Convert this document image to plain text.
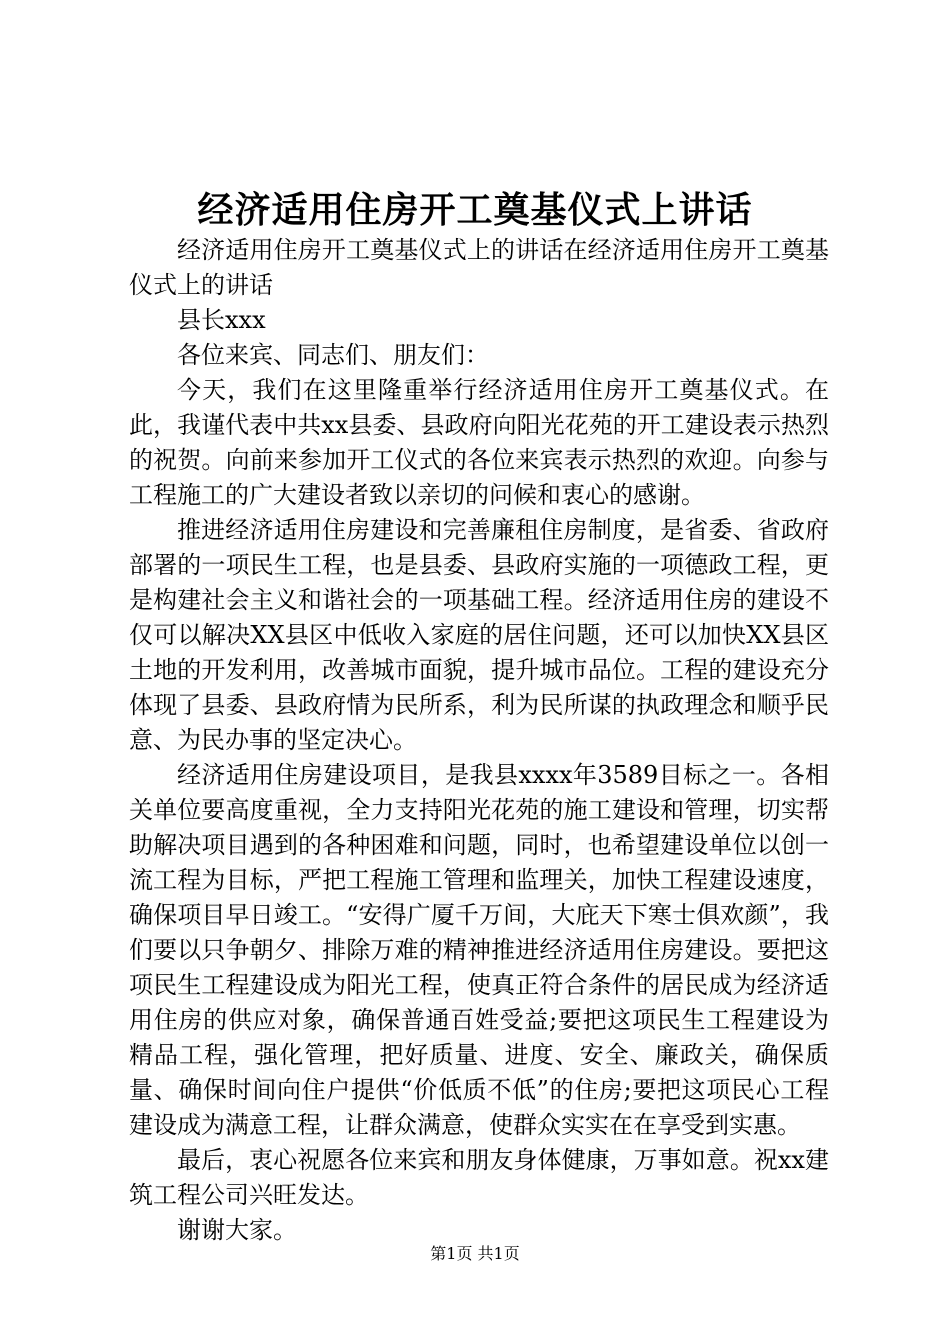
经济适用住房开工奠基仪式上讲话

经济适用住房开工奠基仪式上的讲话在经济适用住房开工奠基仪式上的讲话

县长xxx

各位来宾、同志们、朋友们：

今天，我们在这里隆重举行经济适用住房开工奠基仪式。在此，我谨代表中共xx县委、县政府向阳光花苑的开工建设表示热烈的祝贺。向前来参加开工仪式的各位来宾表示热烈的欢迎。向参与工程施工的广大建设者致以亲切的问候和衷心的感谢。

推进经济适用住房建设和完善廉租住房制度，是省委、省政府部署的一项民生工程，也是县委、县政府实施的一项德政工程，更是构建社会主义和谐社会的一项基础工程。经济适用住房的建设不仅可以解决XX县区中低收入家庭的居住问题，还可以加快XX县区土地的开发利用，改善城市面貌，提升城市品位。工程的建设充分体现了县委、县政府情为民所系，利为民所谋的执政理念和顺乎民意、为民办事的坚定决心。

经济适用住房建设项目，是我县xxxx年3589目标之一。各相关单位要高度重视，全力支持阳光花苑的施工建设和管理，切实帮助解决项目遇到的各种困难和问题，同时，也希望建设单位以创一流工程为目标，严把工程施工管理和监理关，加快工程建设速度，确保项目早日竣工。“安得广厦千万间，大庇天下寒士俱欢颜”，我们要以只争朝夕、排除万难的精神推进经济适用住房建设。要把这项民生工程建设成为阳光工程，使真正符合条件的居民成为经济适用住房的供应对象，确保普通百姓受益;要把这项民生工程建设为精品工程，强化管理，把好质量、进度、安全、廉政关，确保质量、确保时间向住户提供“价低质不低”的住房;要把这项民心工程建设成为满意工程，让群众满意，使群众实实在在享受到实惠。

最后，衷心祝愿各位来宾和朋友身体健康，万事如意。祝xx建筑工程公司兴旺发达。

谢谢大家。

第1页 共1页
